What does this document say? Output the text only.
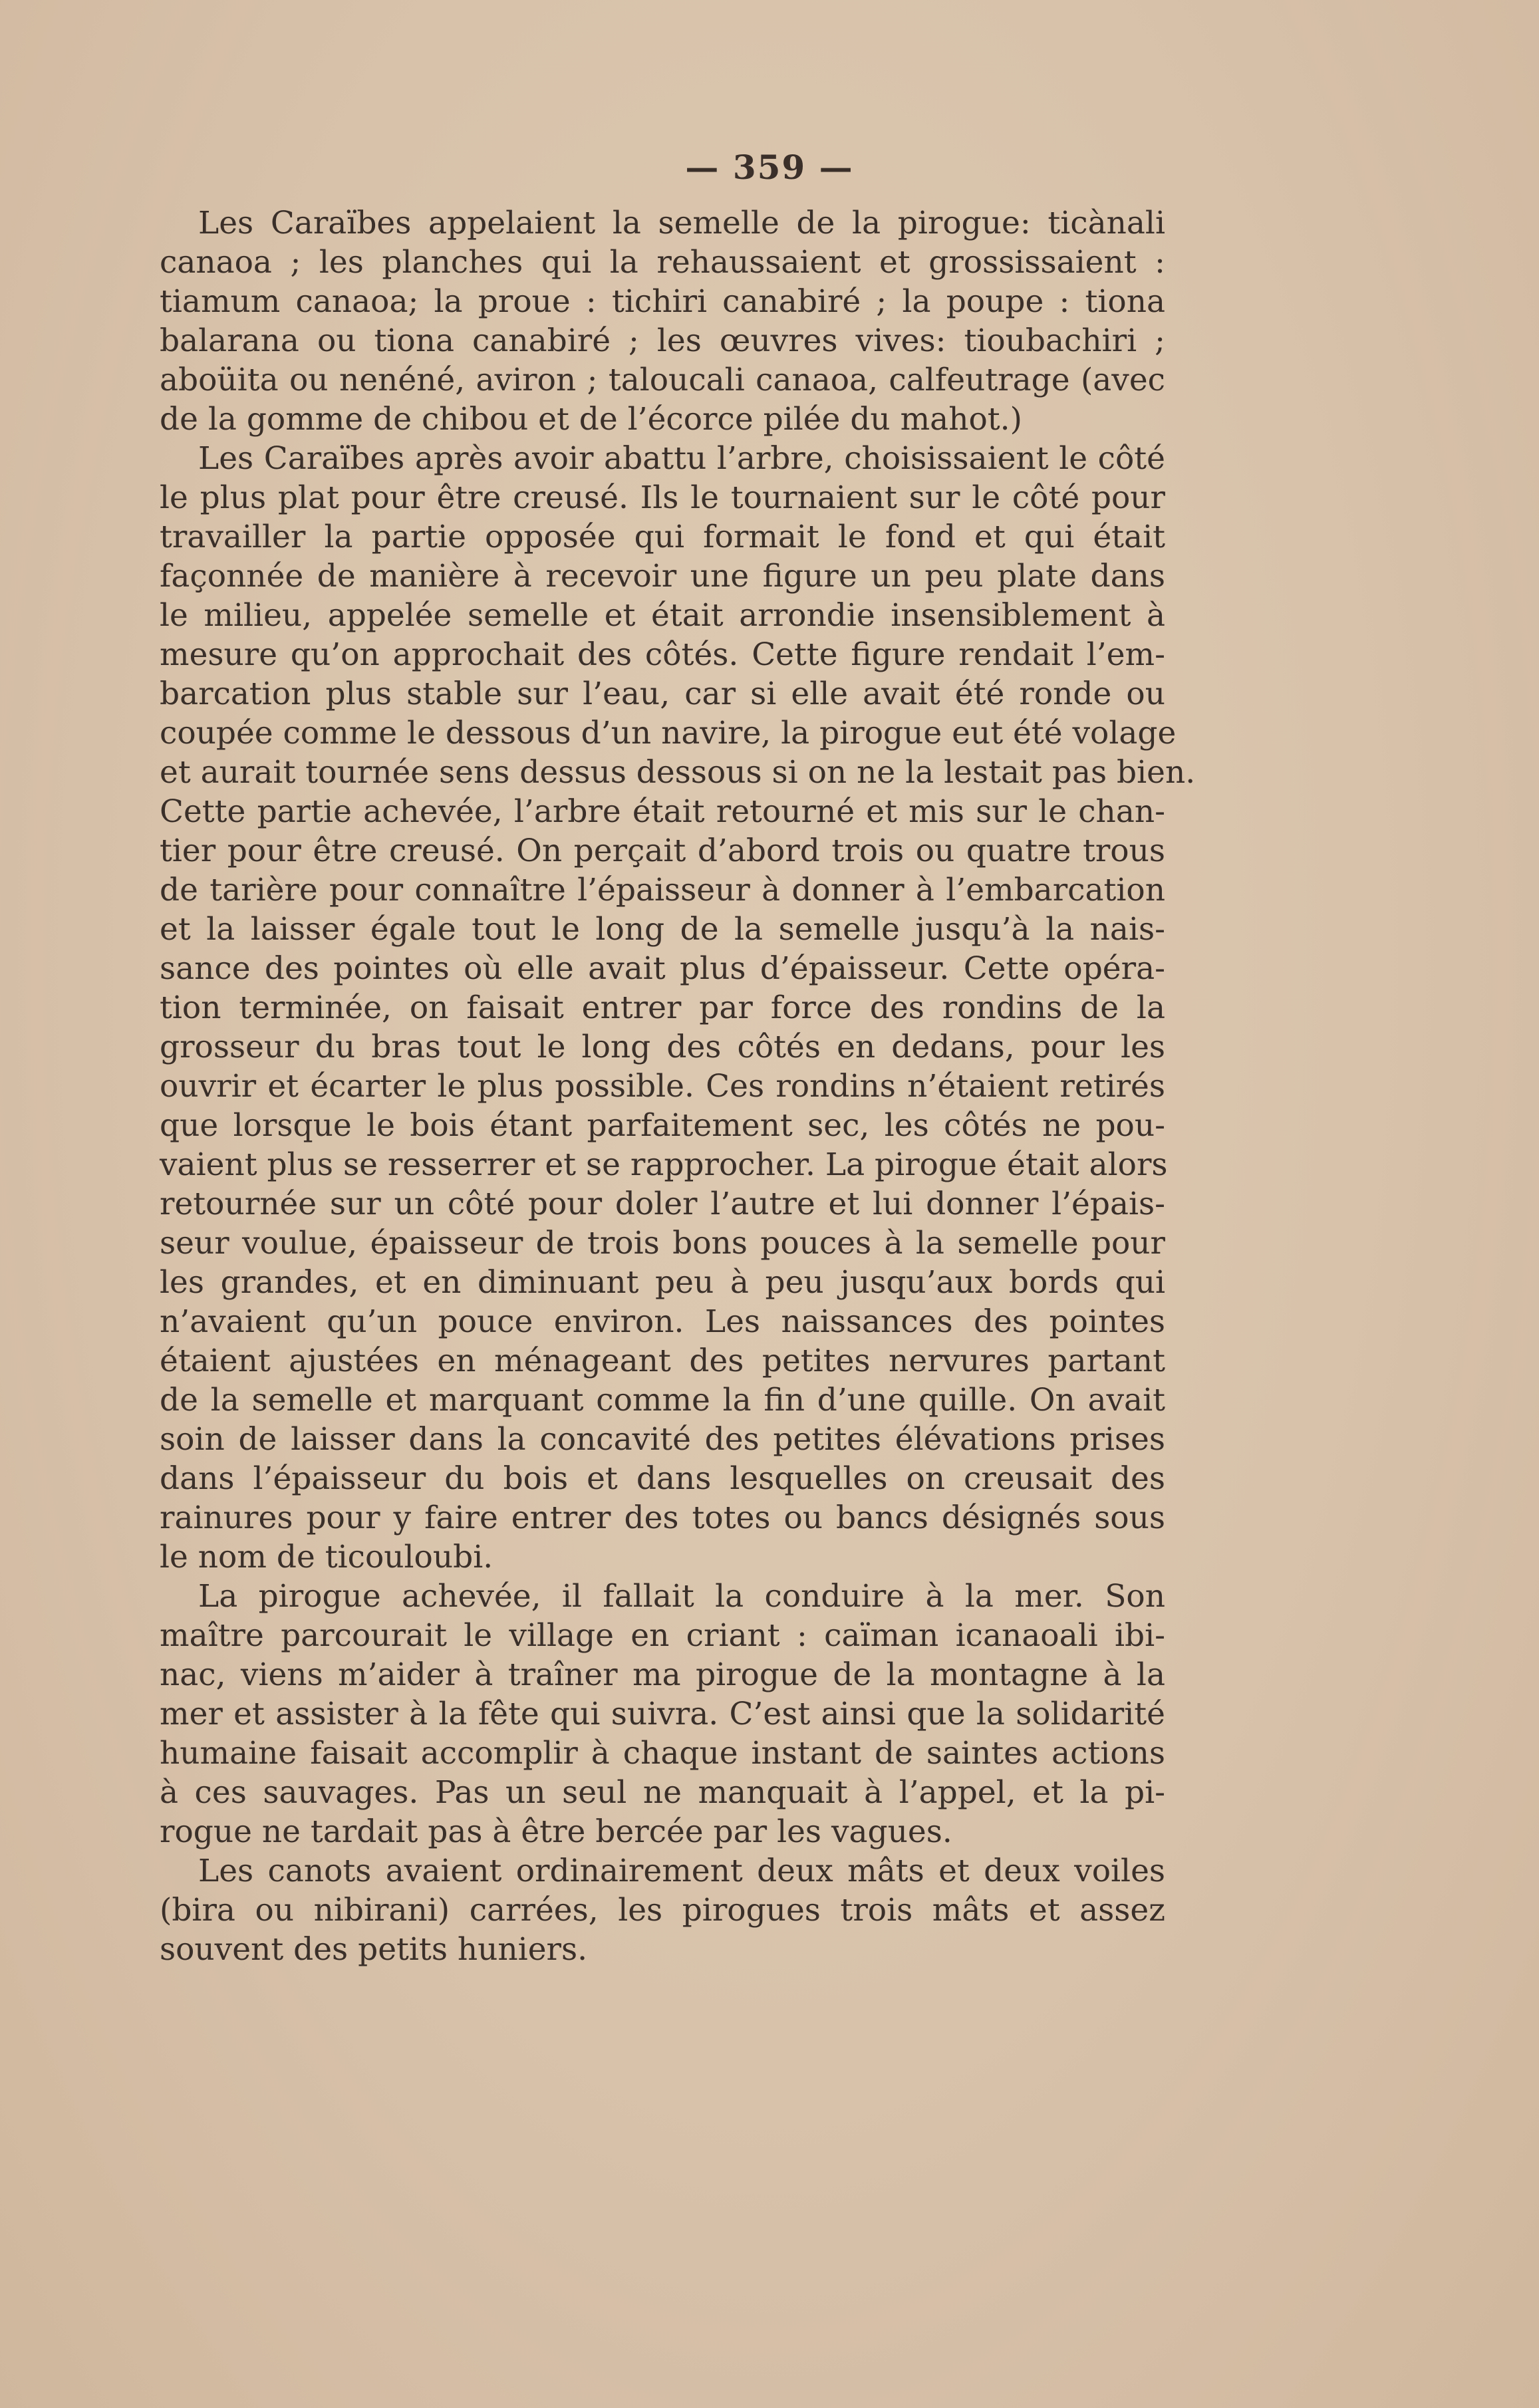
— 359 —
Les Caraïbes appelaient la semelle de la pirogue: ticànali
canaoa ; les planches qui la rehaussaient et grossissaient :
tiamum canaoa; la proue : tichiri canabiré ; la poupe : tiona
balarana ou tiona canabiré ; les œuvres vives: tioubachiri ;
aboüita ou nenéné, aviron ; taloucali canaoa, calfeutrage (avec
de la gomme de chibou et de l’écorce pilée du mahot.)
Les Caraïbes après avoir abattu l’arbre, choisissaient le côté
le plus plat pour être creusé. Ils le tournaient sur le côté pour
travailler la partie opposée qui formait le fond et qui était
façonnée de manière à recevoir une figure un peu plate dans
le milieu, appelée semelle et était arrondie insensiblement à
mesure qu’on approchait des côtés. Cette figure rendait l’em-
barcation plus stable sur l’eau, car si elle avait été ronde ou
coupée comme le dessous d’un navire, la pirogue eut été volage
et aurait tournée sens dessus dessous si on ne la lestait pas bien.
Cette partie achevée, l’arbre était retourné et mis sur le chan-
tier pour être creusé. On perçait d’abord trois ou quatre trous
de tarière pour connaître l’épaisseur à donner à l’embarcation
et la laisser égale tout le long de la semelle jusqu’à la nais-
sance des pointes où elle avait plus d’épaisseur. Cette opéra-
tion terminée, on faisait entrer par force des rondins de la
grosseur du bras tout le long des côtés en dedans, pour les
ouvrir et écarter le plus possible. Ces rondins n’étaient retirés
que lorsque le bois étant parfaitement sec, les côtés ne pou-
vaient plus se resserrer et se rapprocher. La pirogue était alors
retournée sur un côté pour doler l’autre et lui donner l’épais-
seur voulue, épaisseur de trois bons pouces à la semelle pour
les grandes, et en diminuant peu à peu jusqu’aux bords qui
n’avaient qu’un pouce environ. Les naissances des pointes
étaient ajustées en ménageant des petites nervures partant
de la semelle et marquant comme la fin d’une quille. On avait
soin de laisser dans la concavité des petites élévations prises
dans l’épaisseur du bois et dans lesquelles on creusait des
rainures pour y faire entrer des totes ou bancs désignés sous
le nom de ticouloubi.
La pirogue achevée, il fallait la conduire à la mer. Son
maître parcourait le village en criant : caïman icanaoali ibi-
nac, viens m’aider à traîner ma pirogue de la montagne à la
mer et assister à la fête qui suivra. C’est ainsi que la solidarité
humaine faisait accomplir à chaque instant de saintes actions
à ces sauvages. Pas un seul ne manquait à l’appel, et la pi-
rogue ne tardait pas à être bercée par les vagues.
Les canots avaient ordinairement deux mâts et deux voiles
(bira ou nibirani) carrées, les pirogues trois mâts et assez
souvent des petits huniers.
